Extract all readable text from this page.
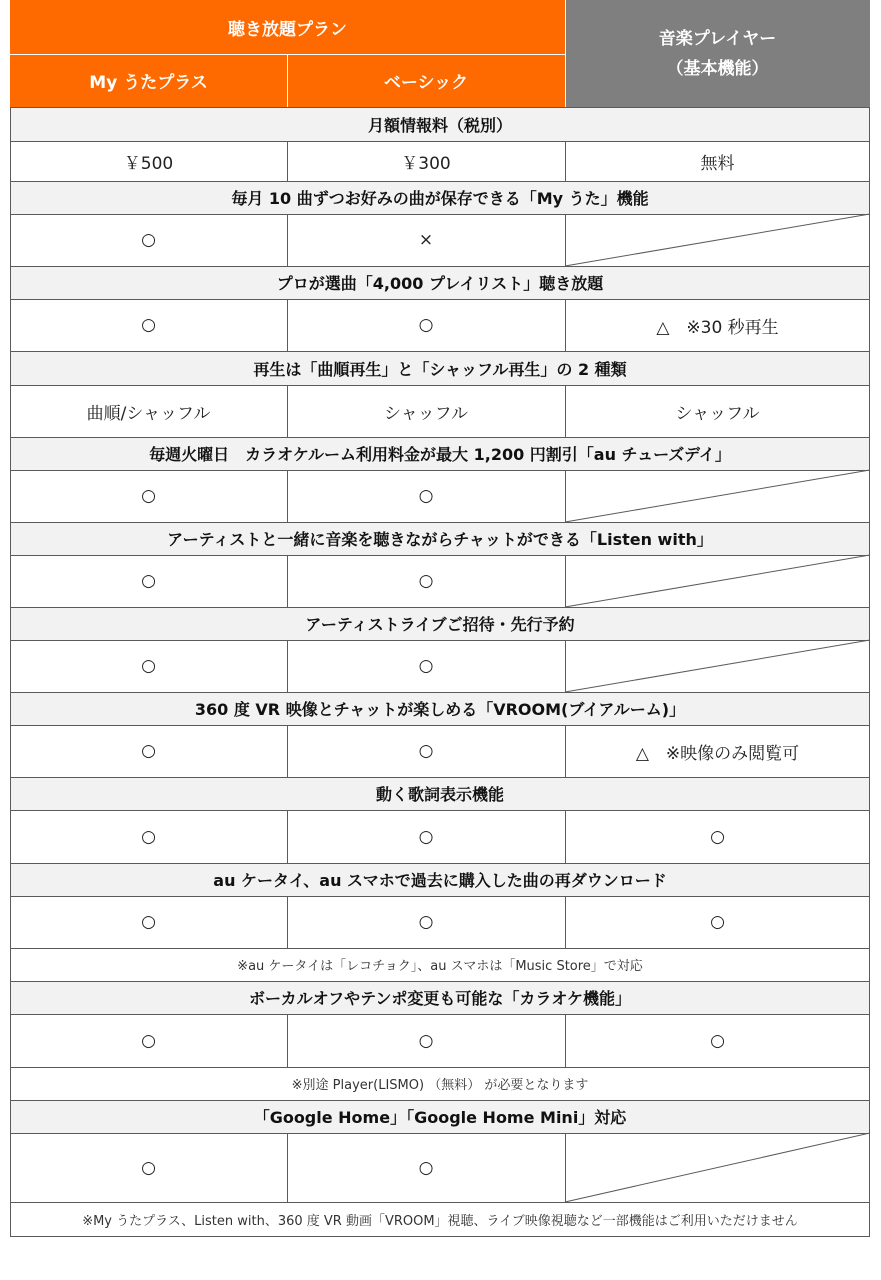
聴き放題プラン
My うたプラス	ベーシック
音楽プレイヤー
（基本機能）
月額情報料（税別）
￥500	￥300	無料
毎月 10 曲ずつお好みの曲が保存できる「My うた」機能
○	×
プロが選曲「4,000 プレイリスト」聴き放題
○	○	△　※30 秒再生
再生は「曲順再生」と「シャッフル再生」の 2 種類
曲順/シャッフル	シャッフル	シャッフル
毎週火曜日　カラオケルーム利用料金が最大 1,200 円割引「au チューズデイ」
○	○
アーティストと一緒に音楽を聴きながらチャットができる「Listen with」
○	○
アーティストライブご招待・先行予約
○	○
360 度 VR 映像とチャットが楽しめる「VROOM(ブイアルーム)」
○	○	△　※映像のみ閲覧可
動く歌詞表示機能
○	○	○
au ケータイ、au スマホで過去に購入した曲の再ダウンロード
○	○	○
※au ケータイは「レコチョク」、au スマホは「Music Store」で対応
ボーカルオフやテンポ変更も可能な「カラオケ機能」
○	○	○
※別途 Player(LISMO) （無料） が必要となります
「Google Home」「Google Home Mini」対応
○	○
※My うたプラス、Listen with、360 度 VR 動画「VROOM」視聴、ライブ映像視聴など一部機能はご利用いただけません
